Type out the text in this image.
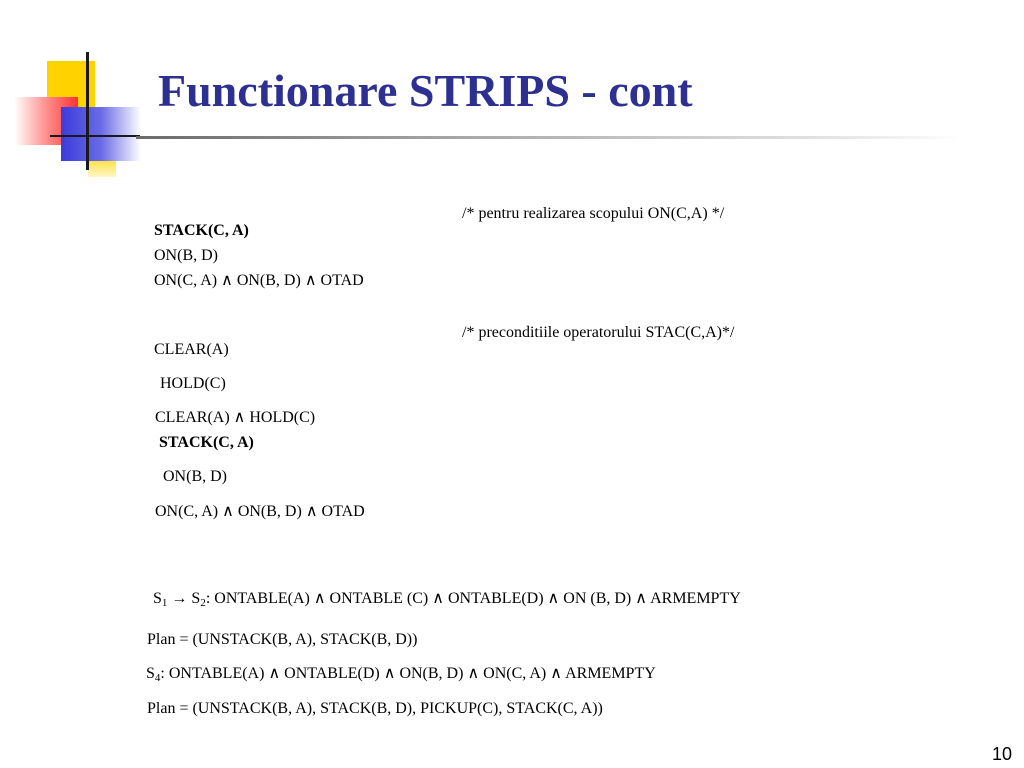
Functionare STRIPS - cont
/* pentru realizarea scopului ON(C,A) */
STACK(C, A)
ON(B, D)
ON(C, A) ∧ ON(B, D) ∧ OTAD
/* preconditiile operatorului STAC(C,A)*/
CLEAR(A)
HOLD(C)
CLEAR(A) ∧ HOLD(C)
STACK(C, A)
ON(B, D)
ON(C, A) ∧ ON(B, D) ∧ OTAD
$S_1 \to S_2$: ONTABLE(A) ∧ ONTABLE (C) ∧ ONTABLE(D) ∧ ON (B, D) ∧ ARMEMPTY
Plan = (UNSTACK(B, A), STACK(B, D))
$S_4$: ONTABLE(A) ∧ ONTABLE(D) ∧ ON(B, D) ∧ ON(C, A) ∧ ARMEMPTY
Plan = (UNSTACK(B, A), STACK(B, D), PICKUP(C), STACK(C, A))
10
